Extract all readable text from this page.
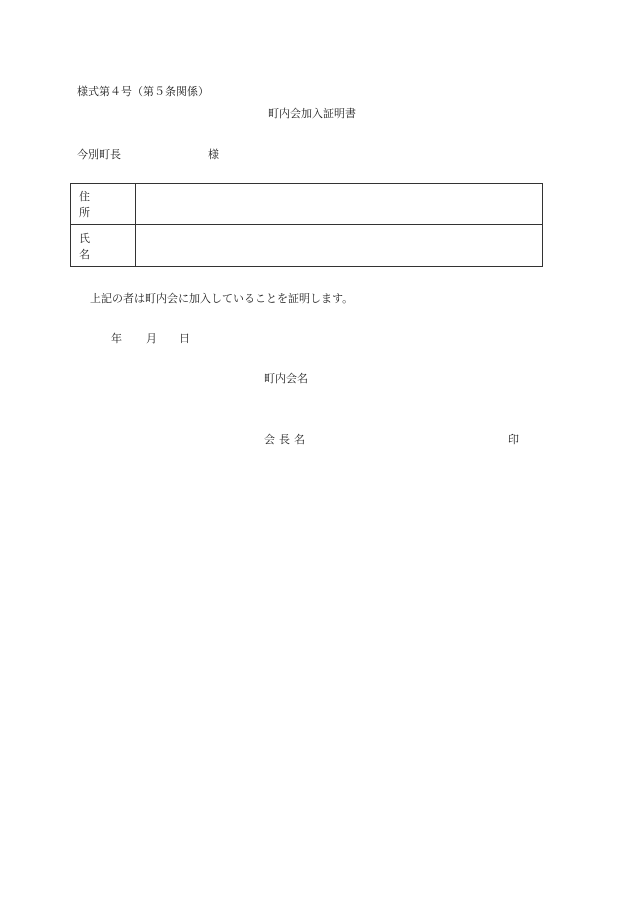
様式第４号（第５条関係）
町内会加入証明書
今別町長	様
住　所
氏　名
上記の者は町内会に加入していることを証明します。
年 月 日
町内会名
会長名	印
